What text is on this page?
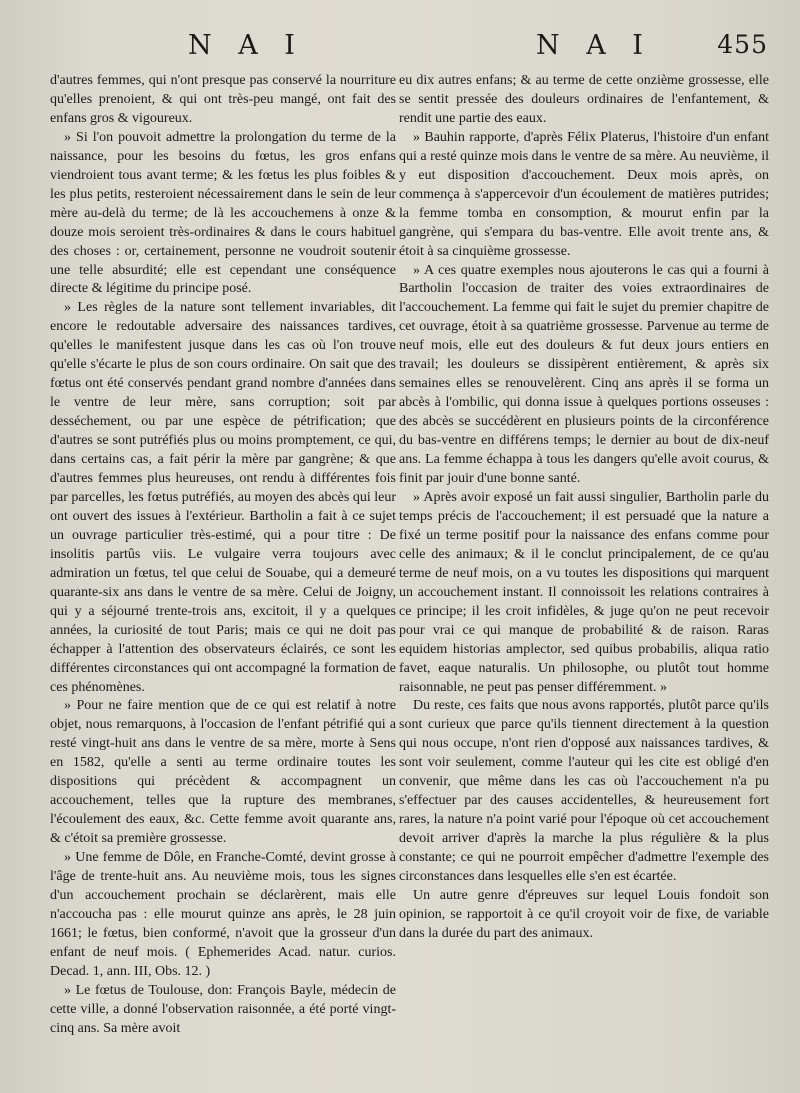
N A I	N A I	455

d'autres femmes, qui n'ont presque pas conservé la nourriture qu'elles prenoient, & qui ont très-peu mangé, ont fait des enfans gros & vigoureux.

» Si l'on pouvoit admettre la prolongation du terme de la naissance, pour les besoins du fœtus, les gros enfans viendroient tous avant terme; & les fœtus les plus foibles & les plus petits, resteroient nécessairement dans le sein de leur mère au-delà du terme; de là les accouchemens à onze & douze mois seroient très-ordinaires & dans le cours habituel des choses : or, certainement, personne ne voudroit soutenir une telle absurdité; elle est cependant une conséquence directe & légitime du principe posé.

» Les règles de la nature sont tellement invariables, dit encore le redoutable adversaire des naissances tardives, qu'elles le manifestent jusque dans les cas où l'on trouve qu'elle s'écarte le plus de son cours ordinaire. On sait que des fœtus ont été conservés pendant grand nombre d'années dans le ventre de leur mère, sans corruption; soit par desséchement, ou par une espèce de pétrification; que d'autres se sont putréfiés plus ou moins promptement, ce qui, dans certains cas, a fait périr la mère par gangrène; & que d'autres femmes plus heureuses, ont rendu à différentes fois par parcelles, les fœtus putréfiés, au moyen des abcès qui leur ont ouvert des issues à l'extérieur. Bartholin a fait à ce sujet un ouvrage particulier très-estimé, qui a pour titre : De insolitis partûs viis. Le vulgaire verra toujours avec admiration un fœtus, tel que celui de Souabe, qui a demeuré quarante-six ans dans le ventre de sa mère. Celui de Joigny, qui y a séjourné trente-trois ans, excitoit, il y a quelques années, la curiosité de tout Paris; mais ce qui ne doit pas échapper à l'attention des observateurs éclairés, ce sont les différentes circonstances qui ont accompagné la formation de ces phénomènes.

» Pour ne faire mention que de ce qui est relatif à notre objet, nous remarquons, à l'occasion de l'enfant pétrifié qui a resté vingt-huit ans dans le ventre de sa mère, morte à Sens en 1582, qu'elle a senti au terme ordinaire toutes les dispositions qui précèdent & accompagnent un accouchement, telles que la rupture des membranes, l'écoulement des eaux, &c. Cette femme avoit quarante ans, & c'étoit sa première grossesse.

» Une femme de Dôle, en Franche-Comté, devint grosse à l'âge de trente-huit ans. Au neuvième mois, tous les signes d'un accouchement prochain se déclarèrent, mais elle n'accoucha pas : elle mourut quinze ans après, le 28 juin 1661; le fœtus, bien conformé, n'avoit que la grosseur d'un enfant de neuf mois. ( Ephemerides Acad. natur. curios. Decad. 1, ann. III, Obs. 12. )

» Le fœtus de Toulouse, don: François Bayle, médecin de cette ville, a donné l'observation raisonnée, a été porté vingt-cinq ans. Sa mère avoit

eu dix autres enfans; & au terme de cette onzième grossesse, elle se sentit pressée des douleurs ordinaires de l'enfantement, & rendit une partie des eaux.

» Bauhin rapporte, d'après Félix Platerus, l'histoire d'un enfant qui a resté quinze mois dans le ventre de sa mère. Au neuvième, il y eut disposition d'accouchement. Deux mois après, on commença à s'appercevoir d'un écoulement de matières putrides; la femme tomba en consomption, & mourut enfin par la gangrène, qui s'empara du bas-ventre. Elle avoit trente ans, & étoit à sa cinquième grossesse.

» A ces quatre exemples nous ajouterons le cas qui a fourni à Bartholin l'occasion de traiter des voies extraordinaires de l'accouchement. La femme qui fait le sujet du premier chapitre de cet ouvrage, étoit à sa quatrième grossesse. Parvenue au terme de neuf mois, elle eut des douleurs & fut deux jours entiers en travail; les douleurs se dissipèrent entièrement, & après six semaines elles se renouvelèrent. Cinq ans après il se forma un abcès à l'ombilic, qui donna issue à quelques portions osseuses : des abcès se succédèrent en plusieurs points de la circonférence du bas-ventre en différens temps; le dernier au bout de dix-neuf ans. La femme échappa à tous les dangers qu'elle avoit courus, & finit par jouir d'une bonne santé.

» Après avoir exposé un fait aussi singulier, Bartholin parle du temps précis de l'accouchement; il est persuadé que la nature a fixé un terme positif pour la naissance des enfans comme pour celle des animaux; & il le conclut principalement, de ce qu'au terme de neuf mois, on a vu toutes les dispositions qui marquent un accouchement instant. Il connoissoit les relations contraires à ce principe; il les croit infidèles, & juge qu'on ne peut recevoir pour vrai ce qui manque de probabilité & de raison. Raras equidem historias amplector, sed quibus probabilis, aliqua ratio favet, eaque naturalis. Un philosophe, ou plutôt tout homme raisonnable, ne peut pas penser différemment. »

Du reste, ces faits que nous avons rapportés, plutôt parce qu'ils sont curieux que parce qu'ils tiennent directement à la question qui nous occupe, n'ont rien d'opposé aux naissances tardives, & sont voir seulement, comme l'auteur qui les cite est obligé d'en convenir, que même dans les cas où l'accouchement n'a pu s'effectuer par des causes accidentelles, & heureusement fort rares, la nature n'a point varié pour l'époque où cet accouchement devoit arriver d'après la marche la plus régulière & la plus constante; ce qui ne pourroit empêcher d'admettre l'exemple des circonstances dans lesquelles elle s'en est écartée.

Un autre genre d'épreuves sur lequel Louis fondoit son opinion, se rapportoit à ce qu'il croyoit voir de fixe, de variable dans la durée du part des animaux.
